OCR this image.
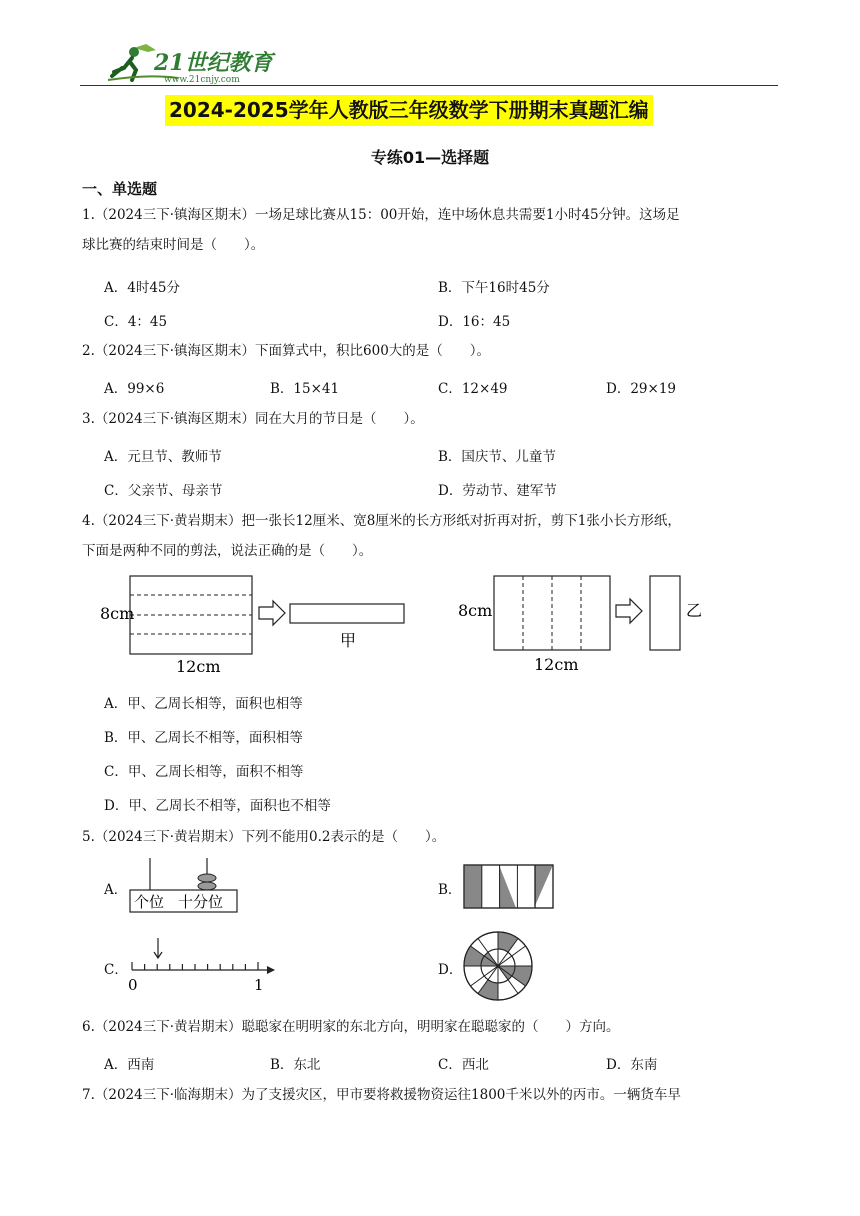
21世纪教育
www.21cnjy.com
2024-2025学年人教版三年级数学下册期末真题汇编
专练01—选择题
一、单选题
1.（2024三下·镇海区期末）一场足球比赛从15：00开始，连中场休息共需要1小时45分钟。这场足
球比赛的结束时间是（　　）。
A．4时45分	B．下午16时45分
C．4：45	D．16：45
2.（2024三下·镇海区期末）下面算式中，积比600大的是（　　）。
A．99×6	B．15×41	C．12×49	D．29×19
3.（2024三下·镇海区期末）同在大月的节日是（　　）。
A．元旦节、教师节	B．国庆节、儿童节
C．父亲节、母亲节	D．劳动节、建军节
4.（2024三下·黄岩期末）把一张长12厘米、宽8厘米的长方形纸对折再对折，剪下1张小长方形纸，
下面是两种不同的剪法，说法正确的是（　　）。
8cm
12cm
甲
8cm
12cm
乙
A．甲、乙周长相等，面积也相等
B．甲、乙周长不相等，面积相等
C．甲、乙周长相等，面积不相等
D．甲、乙周长不相等，面积也不相等
5.（2024三下·黄岩期末）下列不能用0.2表示的是（　　）。
A．
个位 十分位
B．
C．
0	1
D．
6.（2024三下·黄岩期末）聪聪家在明明家的东北方向，明明家在聪聪家的（　　）方向。
A．西南	B．东北	C．西北	D．东南
7.（2024三下·临海期末）为了支援灾区，甲市要将救援物资运往1800千米以外的丙市。一辆货车早
